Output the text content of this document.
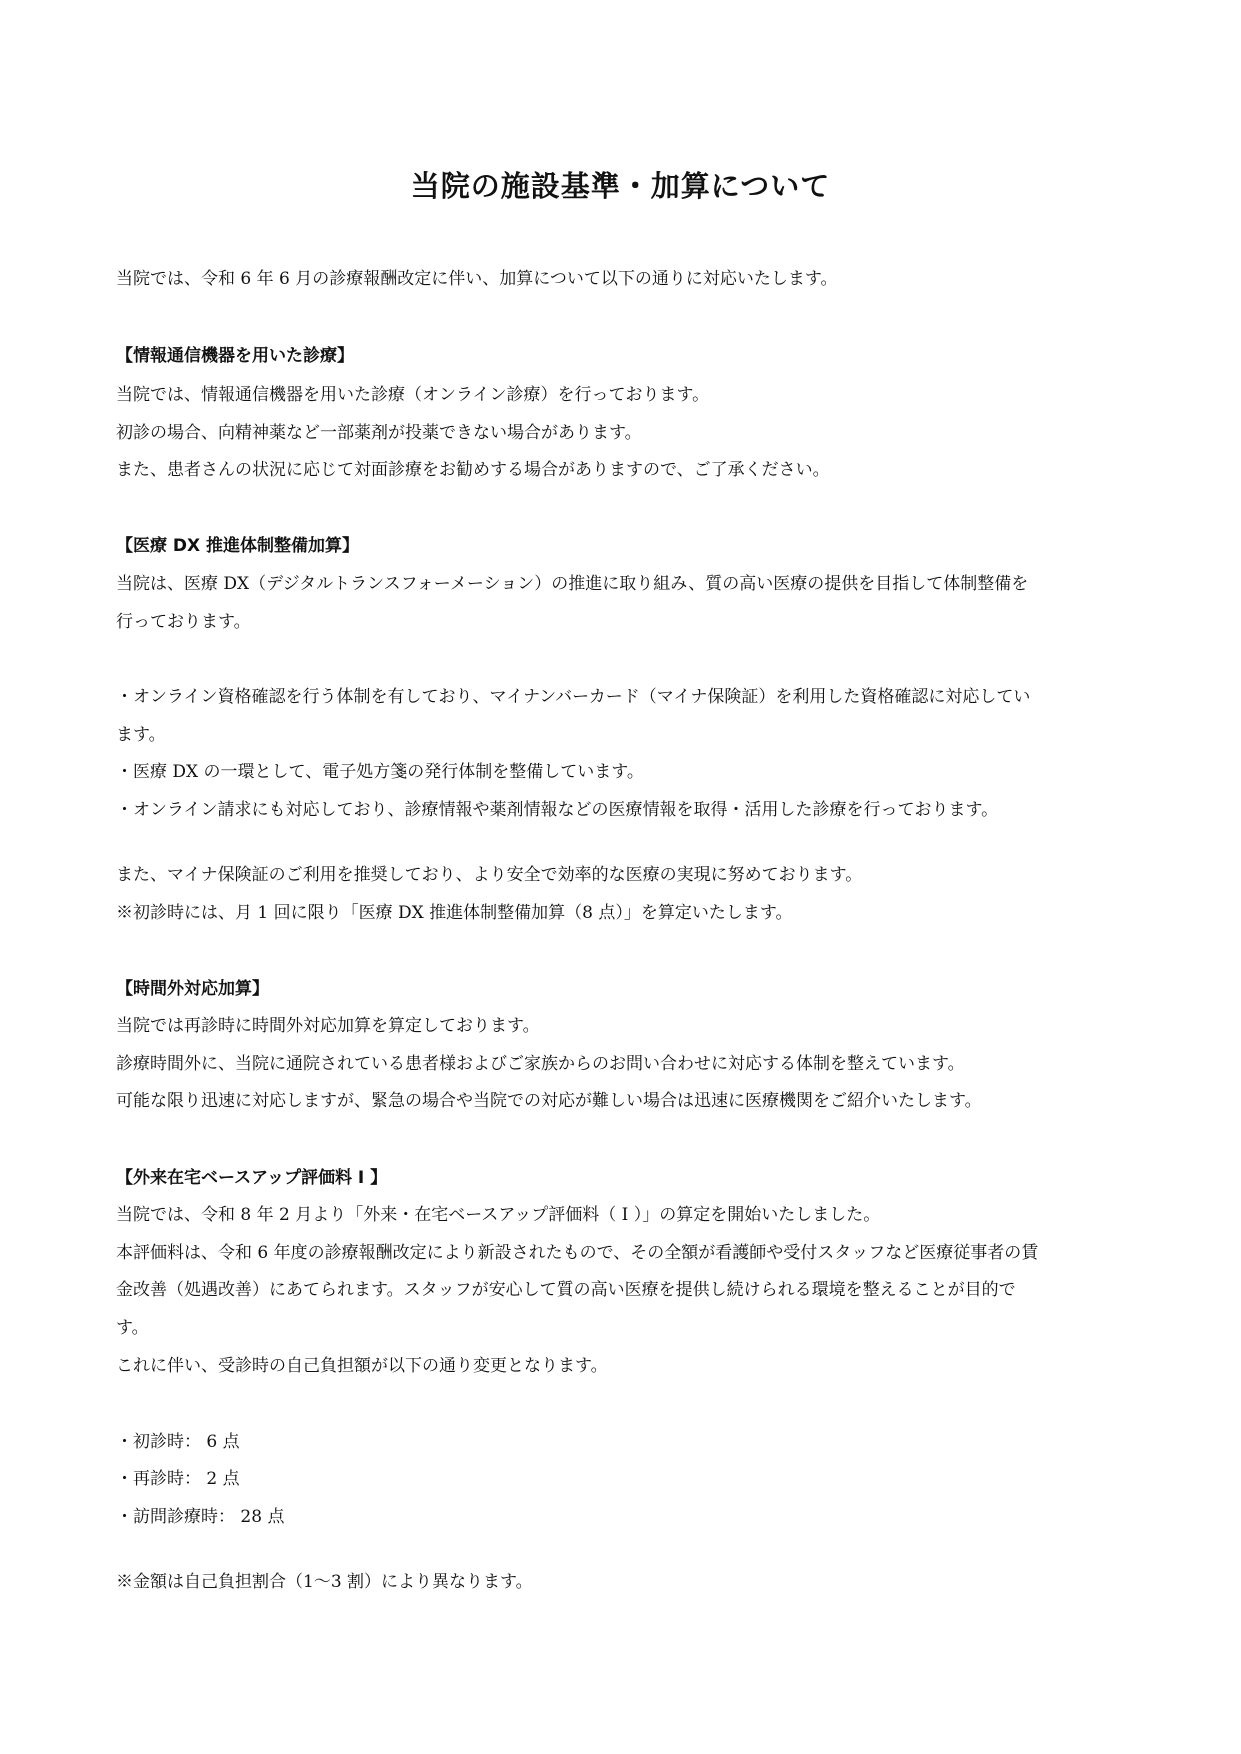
当院の施設基準・加算について

当院では、令和 6 年 6 月の診療報酬改定に伴い、加算について以下の通りに対応いたします。

【情報通信機器を用いた診療】

当院では、情報通信機器を用いた診療（オンライン診療）を行っております。

初診の場合、向精神薬など一部薬剤が投薬できない場合があります。

また、患者さんの状況に応じて対面診療をお勧めする場合がありますので、ご了承ください。

【医療 DX 推進体制整備加算】

当院は、医療 DX（デジタルトランスフォーメーション）の推進に取り組み、質の高い医療の提供を目指して体制整備を

行っております。

・オンライン資格確認を行う体制を有しており、マイナンバーカード（マイナ保険証）を利用した資格確認に対応してい

ます。

・医療 DX の一環として、電子処方箋の発行体制を整備しています。

・オンライン請求にも対応しており、診療情報や薬剤情報などの医療情報を取得・活用した診療を行っております。

また、マイナ保険証のご利用を推奨しており、より安全で効率的な医療の実現に努めております。

※初診時には、月 1 回に限り「医療 DX 推進体制整備加算（8 点）」を算定いたします。

【時間外対応加算】

当院では再診時に時間外対応加算を算定しております。

診療時間外に、当院に通院されている患者様およびご家族からのお問い合わせに対応する体制を整えています。

可能な限り迅速に対応しますが、緊急の場合や当院での対応が難しい場合は迅速に医療機関をご紹介いたします。

【外来在宅ベースアップ評価料 I 】

当院では、令和 8 年 2 月より「外来・在宅ベースアップ評価料（ I ）」の算定を開始いたしました。

本評価料は、令和 6 年度の診療報酬改定により新設されたもので、その全額が看護師や受付スタッフなど医療従事者の賃

金改善（処遇改善）にあてられます。スタッフが安心して質の高い医療を提供し続けられる環境を整えることが目的で

す。

これに伴い、受診時の自己負担額が以下の通り変更となります。

・初診時： 6 点

・再診時： 2 点

・訪問診療時： 28 点

※金額は自己負担割合（1〜3 割）により異なります。
